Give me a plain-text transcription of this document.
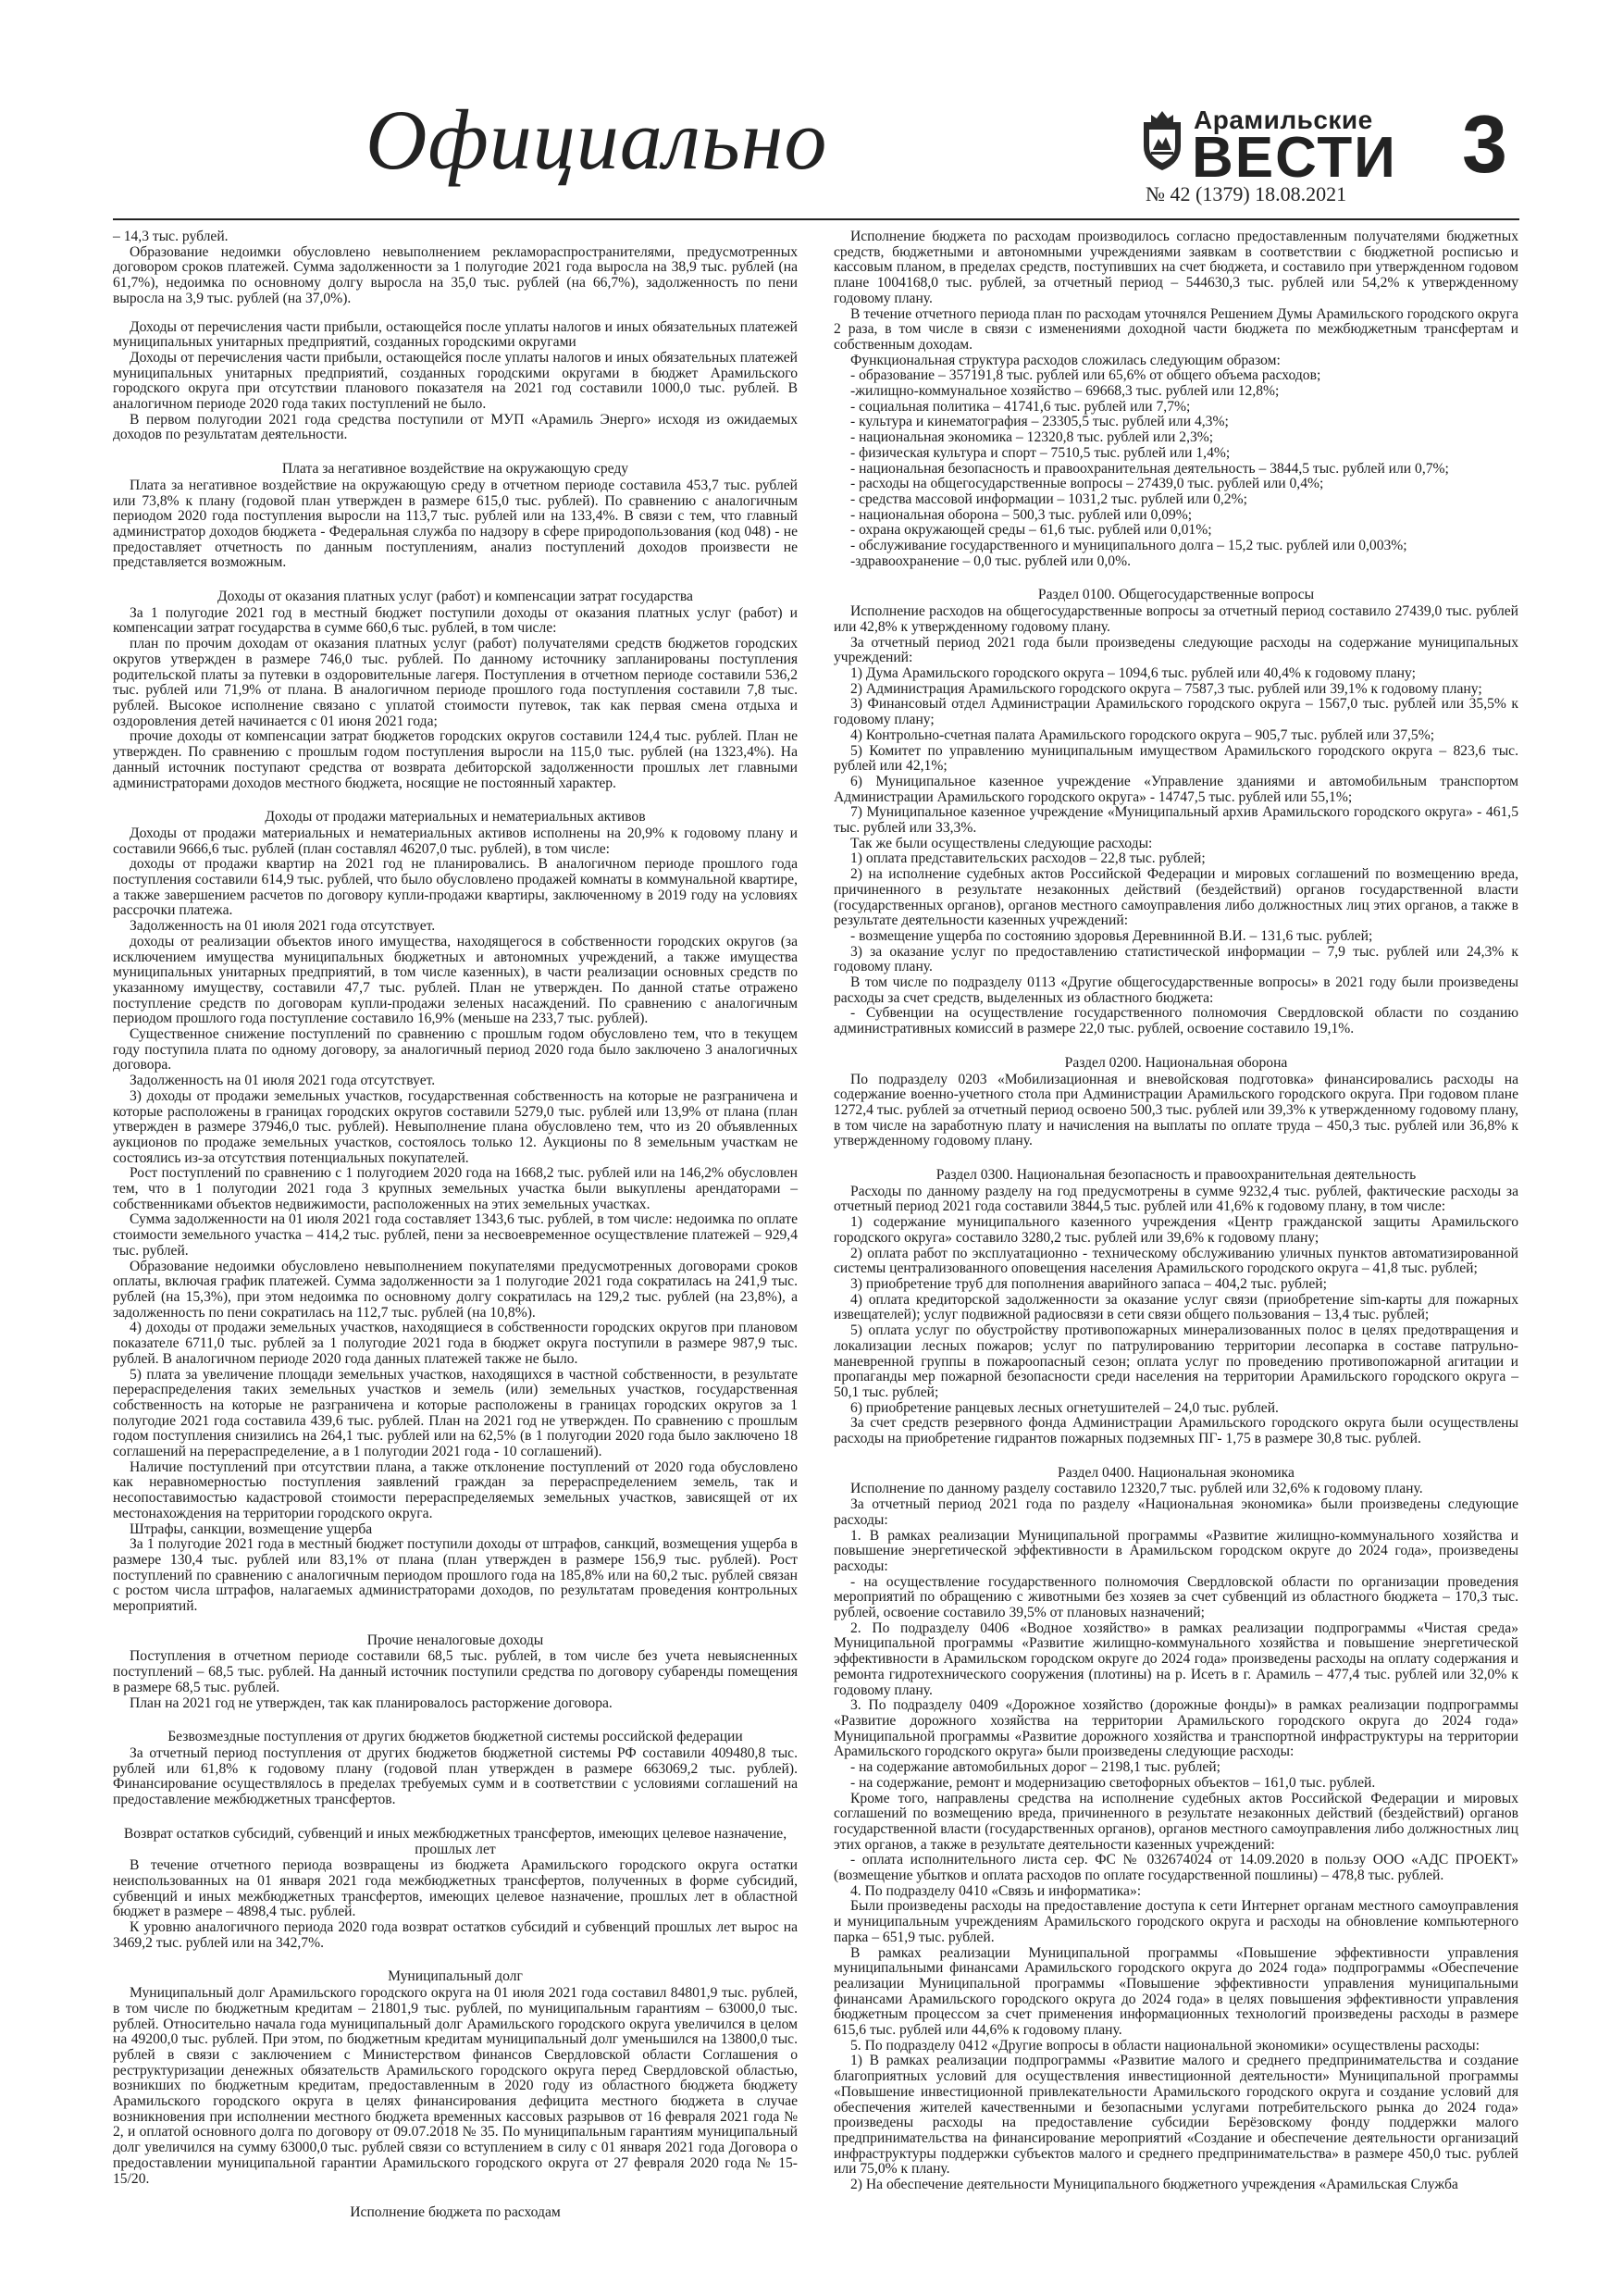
Официально	Арамильские
ВЕСТИ 3
№ 42 (1379) 18.08.2021

– 14,3 тыс. рублей.

Образование недоимки обусловлено невыполнением рекламораспространителями, предусмотренных договором сроков платежей. Сумма задолженности за 1 полугодие 2021 года выросла на 38,9 тыс. рублей (на 61,7%), недоимка по основному долгу выросла на 35,0 тыс. рублей (на 66,7%), задолженность по пени выросла на 3,9 тыс. рублей (на 37,0%).

Доходы от перечисления части прибыли, остающейся после уплаты налогов и иных обязательных платежей муниципальных унитарных предприятий, созданных городскими округами

Доходы от перечисления части прибыли, остающейся после уплаты налогов и иных обязательных платежей муниципальных унитарных предприятий, созданных городскими округами в бюджет Арамильского городского округа при отсутствии планового показателя на 2021 год составили 1000,0 тыс. рублей. В аналогичном периоде 2020 года таких поступлений не было.

В первом полугодии 2021 года средства поступили от МУП «Арамиль Энерго» исходя из ожидаемых доходов по результатам деятельности.

Плата за негативное воздействие на окружающую среду

Плата за негативное воздействие на окружающую среду в отчетном периоде составила 453,7 тыс. рублей или 73,8% к плану (годовой план утвержден в размере 615,0 тыс. рублей). По сравнению с аналогичным периодом 2020 года поступления выросли на 113,7 тыс. рублей или на 133,4%. В связи с тем, что главный администратор доходов бюджета - Федеральная служба по надзору в сфере природопользования (код 048) - не предоставляет отчетность по данным поступлениям, анализ поступлений доходов произвести не представляется возможным.

Доходы от оказания платных услуг (работ) и компенсации затрат государства

За 1 полугодие 2021 год в местный бюджет поступили доходы от оказания платных услуг (работ) и компенсации затрат государства в сумме 660,6 тыс. рублей, в том числе:

план по прочим доходам от оказания платных услуг (работ) получателями средств бюджетов городских округов утвержден в размере 746,0 тыс. рублей. По данному источнику запланированы поступления родительской платы за путевки в оздоровительные лагеря. Поступления в отчетном периоде составили 536,2 тыс. рублей или 71,9% от плана. В аналогичном периоде прошлого года поступления составили 7,8 тыс. рублей. Высокое исполнение связано с уплатой стоимости путевок, так как первая смена отдыха и оздоровления детей начинается с 01 июня 2021 года;

прочие доходы от компенсации затрат бюджетов городских округов составили 124,4 тыс. рублей. План не утвержден. По сравнению с прошлым годом поступления выросли на 115,0 тыс. рублей (на 1323,4%). На данный источник поступают средства от возврата дебиторской задолженности прошлых лет главными администраторами доходов местного бюджета, носящие не постоянный характер.

Доходы от продажи материальных и нематериальных активов

Доходы от продажи материальных и нематериальных активов исполнены на 20,9% к годовому плану и составили 9666,6 тыс. рублей (план составлял 46207,0 тыс. рублей), в том числе:

доходы от продажи квартир на 2021 год не планировались. В аналогичном периоде прошлого года поступления составили 614,9 тыс. рублей, что было обусловлено продажей комнаты в коммунальной квартире, а также завершением расчетов по договору купли-продажи квартиры, заключенному в 2019 году на условиях рассрочки платежа.

Задолженность на 01 июля 2021 года отсутствует.

доходы от реализации объектов иного имущества, находящегося в собственности городских округов (за исключением имущества муниципальных бюджетных и автономных учреждений, а также имущества муниципальных унитарных предприятий, в том числе казенных), в части реализации основных средств по указанному имуществу, составили 47,7 тыс. рублей. План не утвержден. По данной статье отражено поступление средств по договорам купли-продажи зеленых насаждений. По сравнению с аналогичным периодом прошлого года поступление составило 16,9% (меньше на 233,7 тыс. рублей).

Существенное снижение поступлений по сравнению с прошлым годом обусловлено тем, что в текущем году поступила плата по одному договору, за аналогичный период 2020 года было заключено 3 аналогичных договора.

Задолженность на 01 июля 2021 года отсутствует.

3) доходы от продажи земельных участков, государственная собственность на которые не разграничена и которые расположены в границах городских округов составили 5279,0 тыс. рублей или 13,9% от плана (план утвержден в размере 37946,0 тыс. рублей). Невыполнение плана обусловлено тем, что из 20 объявленных аукционов по продаже земельных участков, состоялось только 12. Аукционы по 8 земельным участкам не состоялись из-за отсутствия потенциальных покупателей.

Рост поступлений по сравнению с 1 полугодием 2020 года на 1668,2 тыс. рублей или на 146,2% обусловлен тем, что в 1 полугодии 2021 года 3 крупных земельных участка были выкуплены арендаторами – собственниками объектов недвижимости, расположенных на этих земельных участках.

Сумма задолженности на 01 июля 2021 года составляет 1343,6 тыс. рублей, в том числе: недоимка по оплате стоимости земельного участка – 414,2 тыс. рублей, пени за несвоевременное осуществление платежей – 929,4 тыс. рублей.

Образование недоимки обусловлено невыполнением покупателями предусмотренных договорами сроков оплаты, включая график платежей. Сумма задолженности за 1 полугодие 2021 года сократилась на 241,9 тыс. рублей (на 15,3%), при этом недоимка по основному долгу сократилась на 129,2 тыс. рублей (на 23,8%), а задолженность по пени сократилась на 112,7 тыс. рублей (на 10,8%).

4) доходы от продажи земельных участков, находящиеся в собственности городских округов при плановом показателе 6711,0 тыс. рублей за 1 полугодие 2021 года в бюджет округа поступили в размере 987,9 тыс. рублей. В аналогичном периоде 2020 года данных платежей также не было.

5) плата за увеличение площади земельных участков, находящихся в частной собственности, в результате перераспределения таких земельных участков и земель (или) земельных участков, государственная собственность на которые не разграничена и которые расположены в границах городских округов за 1 полугодие 2021 года составила 439,6 тыс. рублей. План на 2021 год не утвержден. По сравнению с прошлым годом поступления снизились на 264,1 тыс. рублей или на 62,5% (в 1 полугодии 2020 года было заключено 18 соглашений на перераспределение, а в 1 полугодии 2021 года - 10 соглашений).

Наличие поступлений при отсутствии плана, а также отклонение поступлений от 2020 года обусловлено как неравномерностью поступления заявлений граждан за перераспределением земель, так и несопоставимостью кадастровой стоимости перераспределяемых земельных участков, зависящей от их местонахождения на территории городского округа.

Штрафы, санкции, возмещение ущерба

За 1 полугодие 2021 года в местный бюджет поступили доходы от штрафов, санкций, возмещения ущерба в размере 130,4 тыс. рублей или 83,1% от плана (план утвержден в размере 156,9 тыс. рублей). Рост поступлений по сравнению с аналогичным периодом прошлого года на 185,8% или на 60,2 тыс. рублей связан с ростом числа штрафов, налагаемых администраторами доходов, по результатам проведения контрольных мероприятий.

Прочие неналоговые доходы

Поступления в отчетном периоде составили 68,5 тыс. рублей, в том числе без учета невыясненных поступлений – 68,5 тыс. рублей. На данный источник поступили средства по договору субаренды помещения в размере 68,5 тыс. рублей.

План на 2021 год не утвержден, так как планировалось расторжение договора.

Безвозмездные поступления от других бюджетов бюджетной системы российской федерации

За отчетный период поступления от других бюджетов бюджетной системы РФ составили 409480,8 тыс. рублей или 61,8% к годовому плану (годовой план утвержден в размере 663069,2 тыс. рублей). Финансирование осуществлялось в пределах требуемых сумм и в соответствии с условиями соглашений на предоставление межбюджетных трансфертов.

Возврат остатков субсидий, субвенций и иных межбюджетных трансфертов, имеющих целевое назначение, прошлых лет

В течение отчетного периода возвращены из бюджета Арамильского городского округа остатки неиспользованных на 01 января 2021 года межбюджетных трансфертов, полученных в форме субсидий, субвенций и иных межбюджетных трансфертов, имеющих целевое назначение, прошлых лет в областной бюджет в размере – 4898,4 тыс. рублей.

К уровню аналогичного периода 2020 года возврат остатков субсидий и субвенций прошлых лет вырос на 3469,2 тыс. рублей или на 342,7%.

Муниципальный долг

Муниципальный долг Арамильского городского округа на 01 июля 2021 года составил 84801,9 тыс. рублей, в том числе по бюджетным кредитам – 21801,9 тыс. рублей, по муниципальным гарантиям – 63000,0 тыс. рублей. Относительно начала года муниципальный долг Арамильского городского округа увеличился в целом на 49200,0 тыс. рублей. При этом, по бюджетным кредитам муниципальный долг уменьшился на 13800,0 тыс. рублей в связи с заключением с Министерством финансов Свердловской области Соглашения о реструктуризации денежных обязательств Арамильского городского округа перед Свердловской областью, возникших по бюджетным кредитам, предоставленным в 2020 году из областного бюджета бюджету Арамильского городского округа в целях финансирования дефицита местного бюджета в случае возникновения при исполнении местного бюджета временных кассовых разрывов от 16 февраля 2021 года № 2, и оплатой основного долга по договору от 09.07.2018 № 35. По муниципальным гарантиям муниципальный долг увеличился на сумму 63000,0 тыс. рублей связи со вступлением в силу с 01 января 2021 года Договора о предоставлении муниципальной гарантии Арамильского городского округа от 27 февраля 2020 года № 15-15/20.

Исполнение бюджета по расходам

Исполнение бюджета по расходам производилось согласно предоставленным получателями бюджетных средств, бюджетными и автономными учреждениями заявкам в соответствии с бюджетной росписью и кассовым планом, в пределах средств, поступивших на счет бюджета, и составило при утвержденном годовом плане 1004168,0 тыс. рублей, за отчетный период – 544630,3 тыс. рублей или 54,2% к утвержденному годовому плану.

В течение отчетного периода план по расходам уточнялся Решением Думы Арамильского городского округа 2 раза, в том числе в связи с изменениями доходной части бюджета по межбюджетным трансфертам и собственным доходам.

Функциональная структура расходов сложилась следующим образом:

- образование – 357191,8 тыс. рублей или 65,6% от общего объема расходов;

-жилищно-коммунальное хозяйство – 69668,3 тыс. рублей или 12,8%;

- социальная политика – 41741,6 тыс. рублей или 7,7%;

- культура и кинематография – 23305,5 тыс. рублей или 4,3%;

- национальная экономика – 12320,8 тыс. рублей или 2,3%;

- физическая культура и спорт – 7510,5 тыс. рублей или 1,4%;

- национальная безопасность и правоохранительная деятельность – 3844,5 тыс. рублей или 0,7%;

- расходы на общегосударственные вопросы – 27439,0 тыс. рублей или 0,4%;

- средства массовой информации – 1031,2 тыс. рублей или 0,2%;

- национальная оборона – 500,3 тыс. рублей или 0,09%;

- охрана окружающей среды – 61,6 тыс. рублей или 0,01%;

- обслуживание государственного и муниципального долга – 15,2 тыс. рублей или 0,003%;

-здравоохранение – 0,0 тыс. рублей или 0,0%.

Раздел 0100. Общегосударственные вопросы

Исполнение расходов на общегосударственные вопросы за отчетный период составило 27439,0 тыс. рублей или 42,8% к утвержденному годовому плану.

За отчетный период 2021 года были произведены следующие расходы на содержание муниципальных учреждений:

1) Дума Арамильского городского округа – 1094,6 тыс. рублей или 40,4% к годовому плану;

2) Администрация Арамильского городского округа – 7587,3 тыс. рублей или 39,1% к годовому плану;

3) Финансовый отдел Администрации Арамильского городского округа – 1567,0 тыс. рублей или 35,5% к годовому плану;

4) Контрольно-счетная палата Арамильского городского округа – 905,7 тыс. рублей или 37,5%;

5) Комитет по управлению муниципальным имуществом Арамильского городского округа – 823,6 тыс. рублей или 42,1%;

6) Муниципальное казенное учреждение «Управление зданиями и автомобильным транспортом Администрации Арамильского городского округа» - 14747,5 тыс. рублей или 55,1%;

7) Муниципальное казенное учреждение «Муниципальный архив Арамильского городского округа» - 461,5 тыс. рублей или 33,3%.

Так же были осуществлены следующие расходы:

1) оплата представительских расходов – 22,8 тыс. рублей;

2) на исполнение судебных актов Российской Федерации и мировых соглашений по возмещению вреда, причиненного в результате незаконных действий (бездействий) органов государственной власти (государственных органов), органов местного самоуправления либо должностных лиц этих органов, а также в результате деятельности казенных учреждений:

- возмещение ущерба по состоянию здоровья Деревнинной В.И. – 131,6 тыс. рублей;

3) за оказание услуг по предоставлению статистической информации – 7,9 тыс. рублей или 24,3% к годовому плану.

В том числе по подразделу 0113 «Другие общегосударственные вопросы» в 2021 году были произведены расходы за счет средств, выделенных из областного бюджета:

- Субвенции на осуществление государственного полномочия Свердловской области по созданию административных комиссий в размере 22,0 тыс. рублей, освоение составило 19,1%.

Раздел 0200. Национальная оборона

По подразделу 0203 «Мобилизационная и вневойсковая подготовка» финансировались расходы на содержание военно-учетного стола при Администрации Арамильского городского округа. При годовом плане 1272,4 тыс. рублей за отчетный период освоено 500,3 тыс. рублей или 39,3% к утвержденному годовому плану, в том числе на заработную плату и начисления на выплаты по оплате труда – 450,3 тыс. рублей или 36,8% к утвержденному годовому плану.

Раздел 0300. Национальная безопасность и правоохранительная деятельность

Расходы по данному разделу на год предусмотрены в сумме 9232,4 тыс. рублей, фактические расходы за отчетный период 2021 года составили 3844,5 тыс. рублей или 41,6% к годовому плану, в том числе:

1) содержание муниципального казенного учреждения «Центр гражданской защиты Арамильского городского округа» составило 3280,2 тыс. рублей или 39,6% к годовому плану;

2) оплата работ по эксплуатационно - техническому обслуживанию уличных пунктов автоматизированной системы централизованного оповещения населения Арамильского городского округа – 41,8 тыс. рублей;

3) приобретение труб для пополнения аварийного запаса – 404,2 тыс. рублей;

4) оплата кредиторской задолженности за оказание услуг связи (приобретение sim-карты для пожарных извещателей); услуг подвижной радиосвязи в сети связи общего пользования – 13,4 тыс. рублей;

5) оплата услуг по обустройству противопожарных минерализованных полос в целях предотвращения и локализации лесных пожаров; услуг по патрулированию территории лесопарка в составе патрульно-маневренной группы в пожароопасный сезон; оплата услуг по проведению противопожарной агитации и пропаганды мер пожарной безопасности среди населения на территории Арамильского городского округа – 50,1 тыс. рублей;

6) приобретение ранцевых лесных огнетушителей – 24,0 тыс. рублей.

За счет средств резервного фонда Администрации Арамильского городского округа были осуществлены расходы на приобретение гидрантов пожарных подземных ПГ- 1,75 в размере 30,8 тыс. рублей.

Раздел 0400. Национальная экономика

Исполнение по данному разделу составило 12320,7 тыс. рублей или 32,6% к годовому плану.

За отчетный период 2021 года по разделу «Национальная экономика» были произведены следующие расходы:

1. В рамках реализации Муниципальной программы «Развитие жилищно-коммунального хозяйства и повышение энергетической эффективности в Арамильском городском округе до 2024 года», произведены расходы:

- на осуществление государственного полномочия Свердловской области по организации проведения мероприятий по обращению с животными без хозяев за счет субвенций из областного бюджета – 170,3 тыс. рублей, освоение составило 39,5% от плановых назначений;

2. По подразделу 0406 «Водное хозяйство» в рамках реализации подпрограммы «Чистая среда» Муниципальной программы «Развитие жилищно-коммунального хозяйства и повышение энергетической эффективности в Арамильском городском округе до 2024 года» произведены расходы на оплату содержания и ремонта гидротехнического сооружения (плотины) на р. Исеть в г. Арамиль – 477,4 тыс. рублей или 32,0% к годовому плану.

3. По подразделу 0409 «Дорожное хозяйство (дорожные фонды)» в рамках реализации подпрограммы «Развитие дорожного хозяйства на территории Арамильского городского округа до 2024 года» Муниципальной программы «Развитие дорожного хозяйства и транспортной инфраструктуры на территории Арамильского городского округа» были произведены следующие расходы:

- на содержание автомобильных дорог – 2198,1 тыс. рублей;

- на содержание, ремонт и модернизацию светофорных объектов – 161,0 тыс. рублей.

Кроме того, направлены средства на исполнение судебных актов Российской Федерации и мировых соглашений по возмещению вреда, причиненного в результате незаконных действий (бездействий) органов государственной власти (государственных органов), органов местного самоуправления либо должностных лиц этих органов, а также в результате деятельности казенных учреждений:

- оплата исполнительного листа сер. ФС № 032674024 от 14.09.2020 в пользу ООО «АДС ПРОЕКТ» (возмещение убытков и оплата расходов по оплате государственной пошлины) – 478,8 тыс. рублей.

4. По подразделу 0410 «Связь и информатика»:

Были произведены расходы на предоставление доступа к сети Интернет органам местного самоуправления и муниципальным учреждениям Арамильского городского округа и расходы на обновление компьютерного парка – 651,9 тыс. рублей.

В рамках реализации Муниципальной программы «Повышение эффективности управления муниципальными финансами Арамильского городского округа до 2024 года» подпрограммы «Обеспечение реализации Муниципальной программы «Повышение эффективности управления муниципальными финансами Арамильского городского округа до 2024 года» в целях повышения эффективности управления бюджетным процессом за счет применения информационных технологий произведены расходы в размере 615,6 тыс. рублей или 44,6% к годовому плану.

5. По подразделу 0412 «Другие вопросы в области национальной экономики» осуществлены расходы:

1) В рамках реализации подпрограммы «Развитие малого и среднего предпринимательства и создание благоприятных условий для осуществления инвестиционной деятельности» Муниципальной программы «Повышение инвестиционной привлекательности Арамильского городского округа и создание условий для обеспечения жителей качественными и безопасными услугами потребительского рынка до 2024 года» произведены расходы на предоставление субсидии Берёзовскому фонду поддержки малого предпринимательства на финансирование мероприятий «Создание и обеспечение деятельности организаций инфраструктуры поддержки субъектов малого и среднего предпринимательства» в размере 450,0 тыс. рублей или 75,0% к плану.

2) На обеспечение деятельности Муниципального бюджетного учреждения «Арамильская Служба
